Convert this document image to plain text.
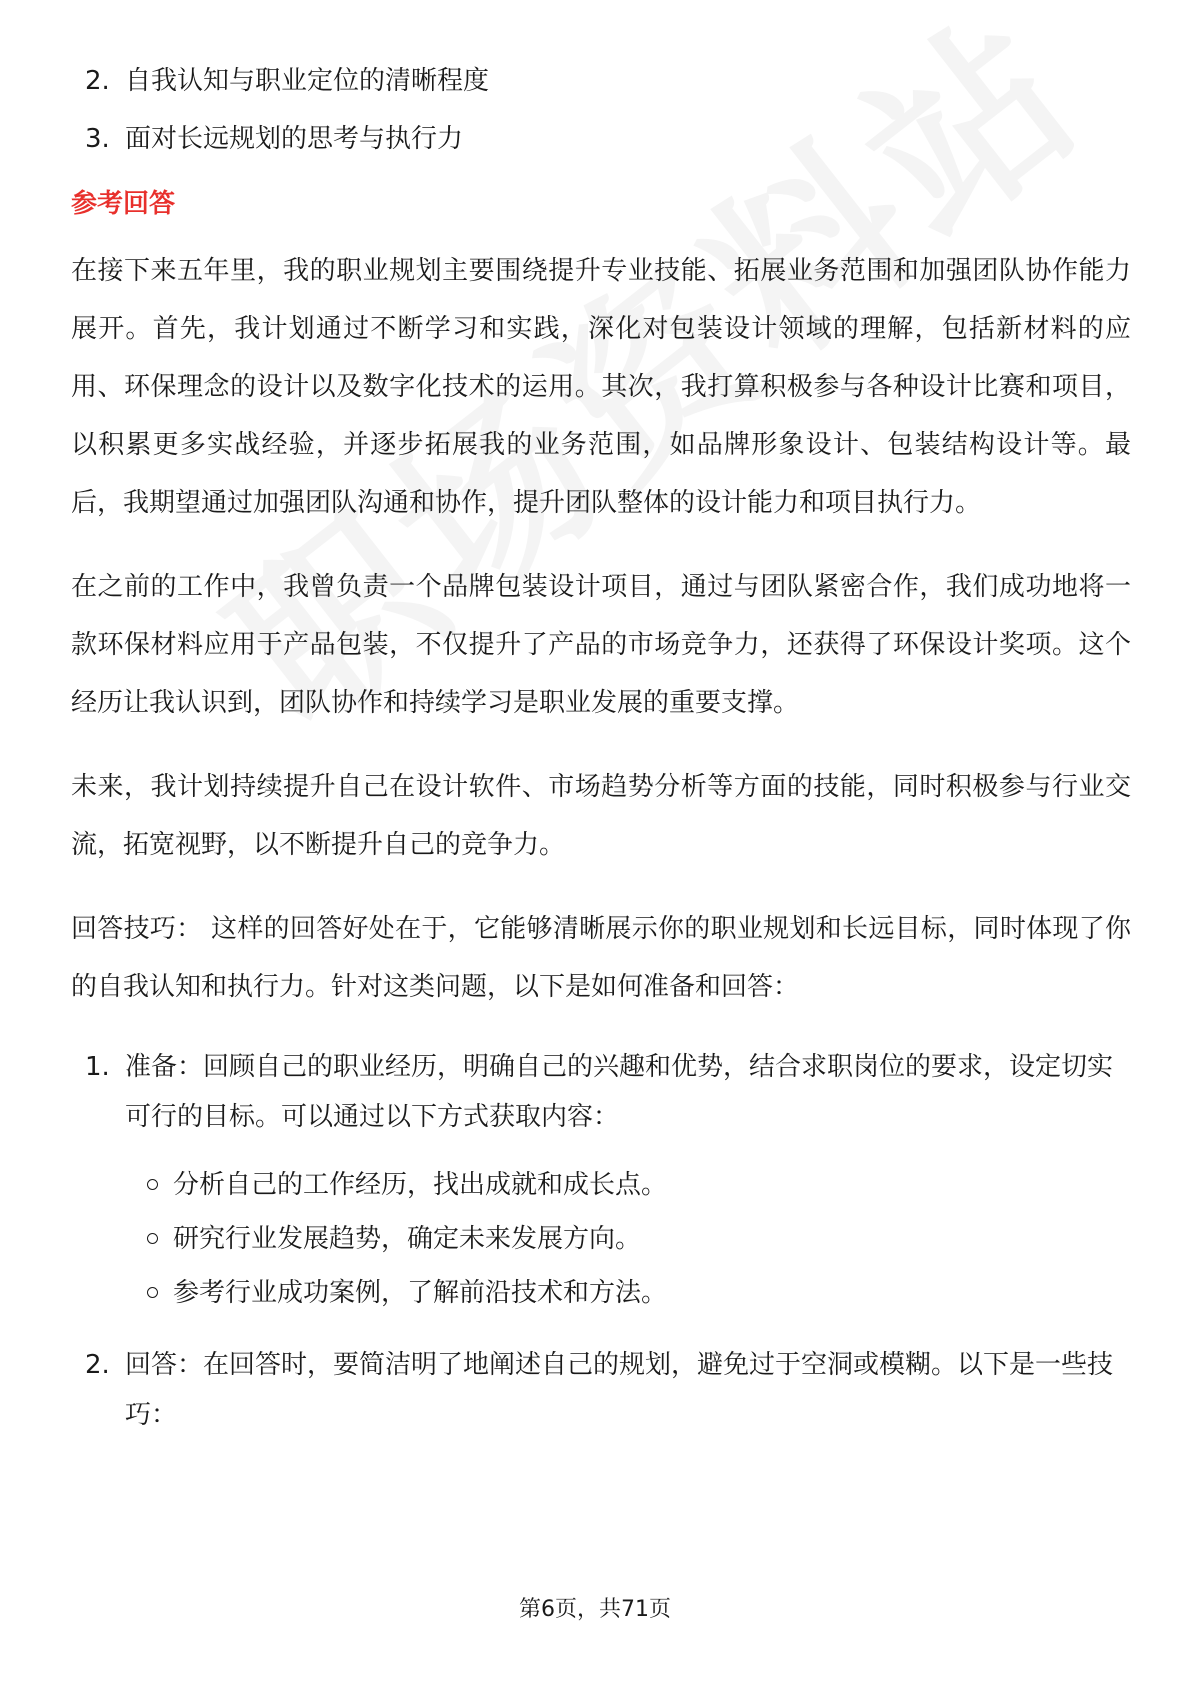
2. 自我认知与职业定位的清晰程度
3. 面对长远规划的思考与执行力
参考回答

在接下来五年里，我的职业规划主要围绕提升专业技能、拓展业务范围和加强团队协作能力展开。首先，我计划通过不断学习和实践，深化对包装设计领域的理解，包括新材料的应用、环保理念的设计以及数字化技术的运用。其次，我打算积极参与各种设计比赛和项目，以积累更多实战经验，并逐步拓展我的业务范围，如品牌形象设计、包装结构设计等。最后，我期望通过加强团队沟通和协作，提升团队整体的设计能力和项目执行力。

在之前的工作中，我曾负责一个品牌包装设计项目，通过与团队紧密合作，我们成功地将一款环保材料应用于产品包装，不仅提升了产品的市场竞争力，还获得了环保设计奖项。这个经历让我认识到，团队协作和持续学习是职业发展的重要支撑。

未来，我计划持续提升自己在设计软件、市场趋势分析等方面的技能，同时积极参与行业交流，拓宽视野，以不断提升自己的竞争力。

回答技巧： 这样的回答好处在于，它能够清晰展示你的职业规划和长远目标，同时体现了你的自我认知和执行力。针对这类问题，以下是如何准备和回答：

1. 准备：回顾自己的职业经历，明确自己的兴趣和优势，结合求职岗位的要求，设定切实可行的目标。可以通过以下方式获取内容：
分析自己的工作经历，找出成就和成长点。
研究行业发展趋势，确定未来发展方向。
参考行业成功案例，了解前沿技术和方法。
2. 回答：在回答时，要简洁明了地阐述自己的规划，避免过于空洞或模糊。以下是一些技巧：
第6页，共71页
